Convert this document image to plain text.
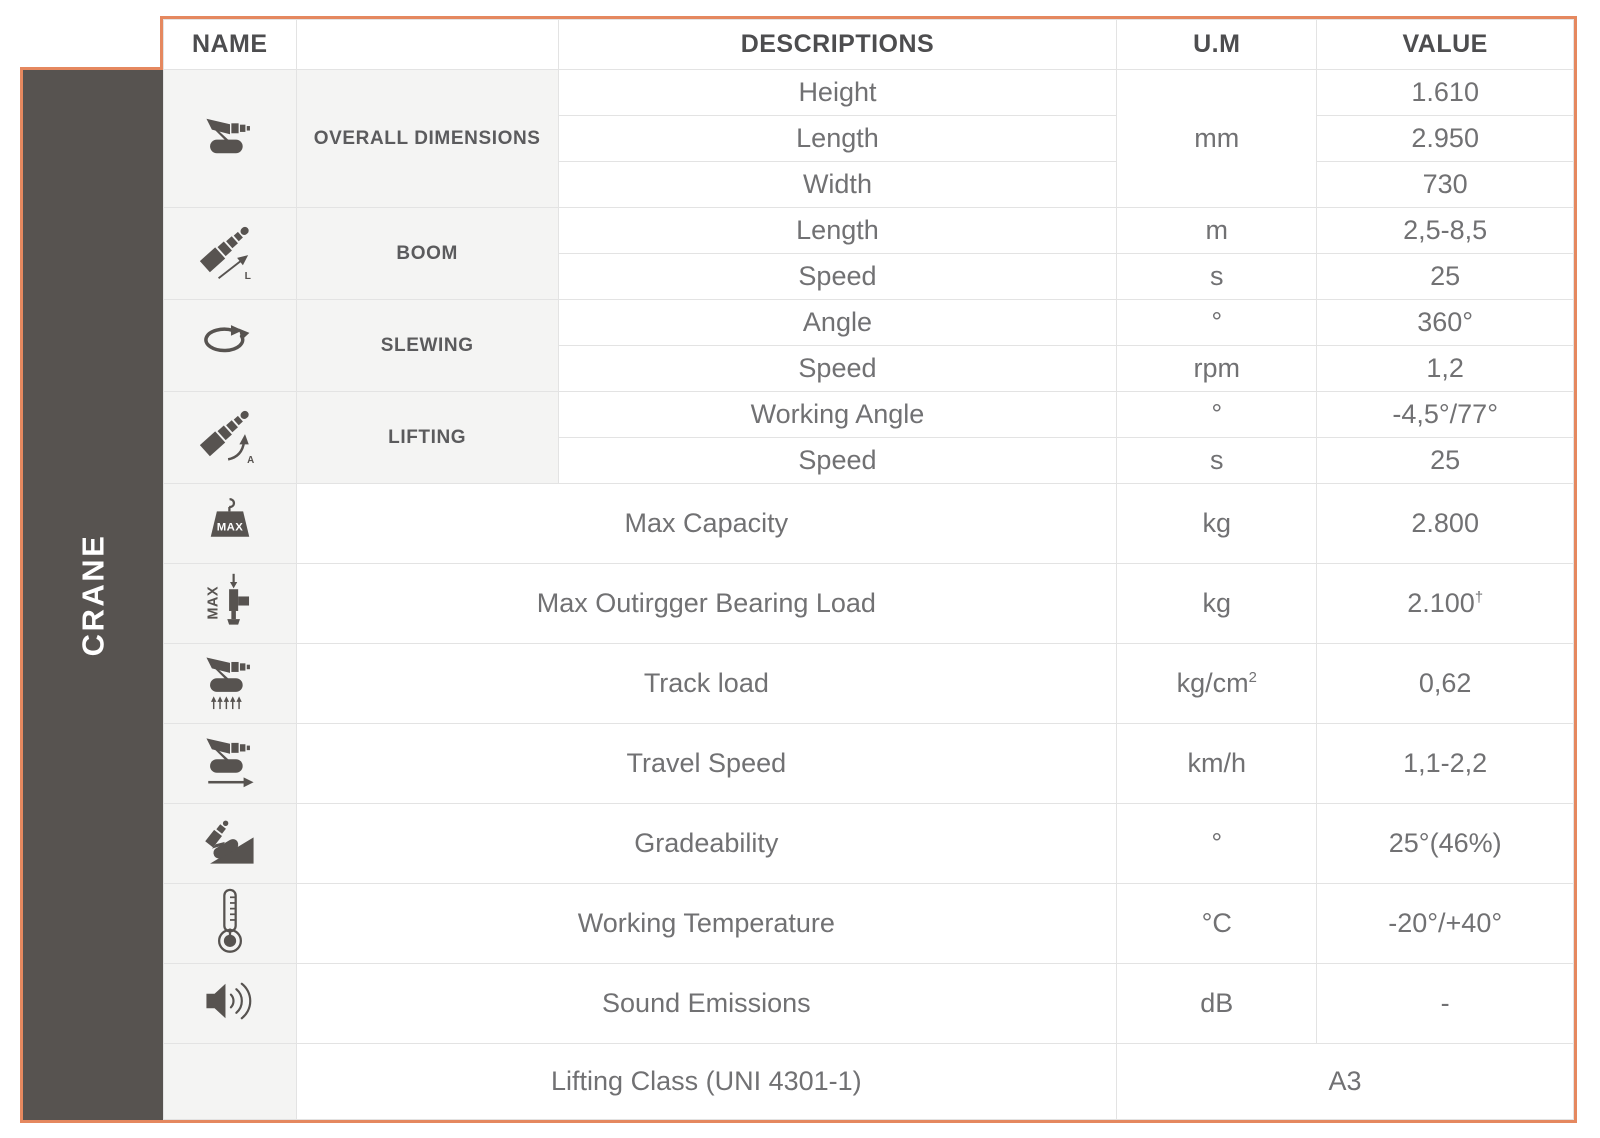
CRANE
NAME		DESCRIPTIONS	U.M	VALUE

	OVERALL DIMENSIONS	Height	mm	1.610
		Length		2.950
		Width		730

L	BOOM	Length	m	2,5-8,5
		Speed	s	25

	SLEWING	Angle	°	360°
		Speed	rpm	1,2

A	LIFTING	Working Angle	°	-4,5°/77°
		Speed	s	25

MAX	Max Capacity		kg	2.800

MAX	Max Outirgger Bearing Load		kg	2.100†

	Track load		$kg/cm^2$	0,62

	Travel Speed		km/h	1,1-2,2

	Gradeability		°	25°(46%)

	Working Temperature		°C	-20°/+40°

	Sound Emissions		dB	-
	Lifting Class (UNI 4301-1)		A3	
